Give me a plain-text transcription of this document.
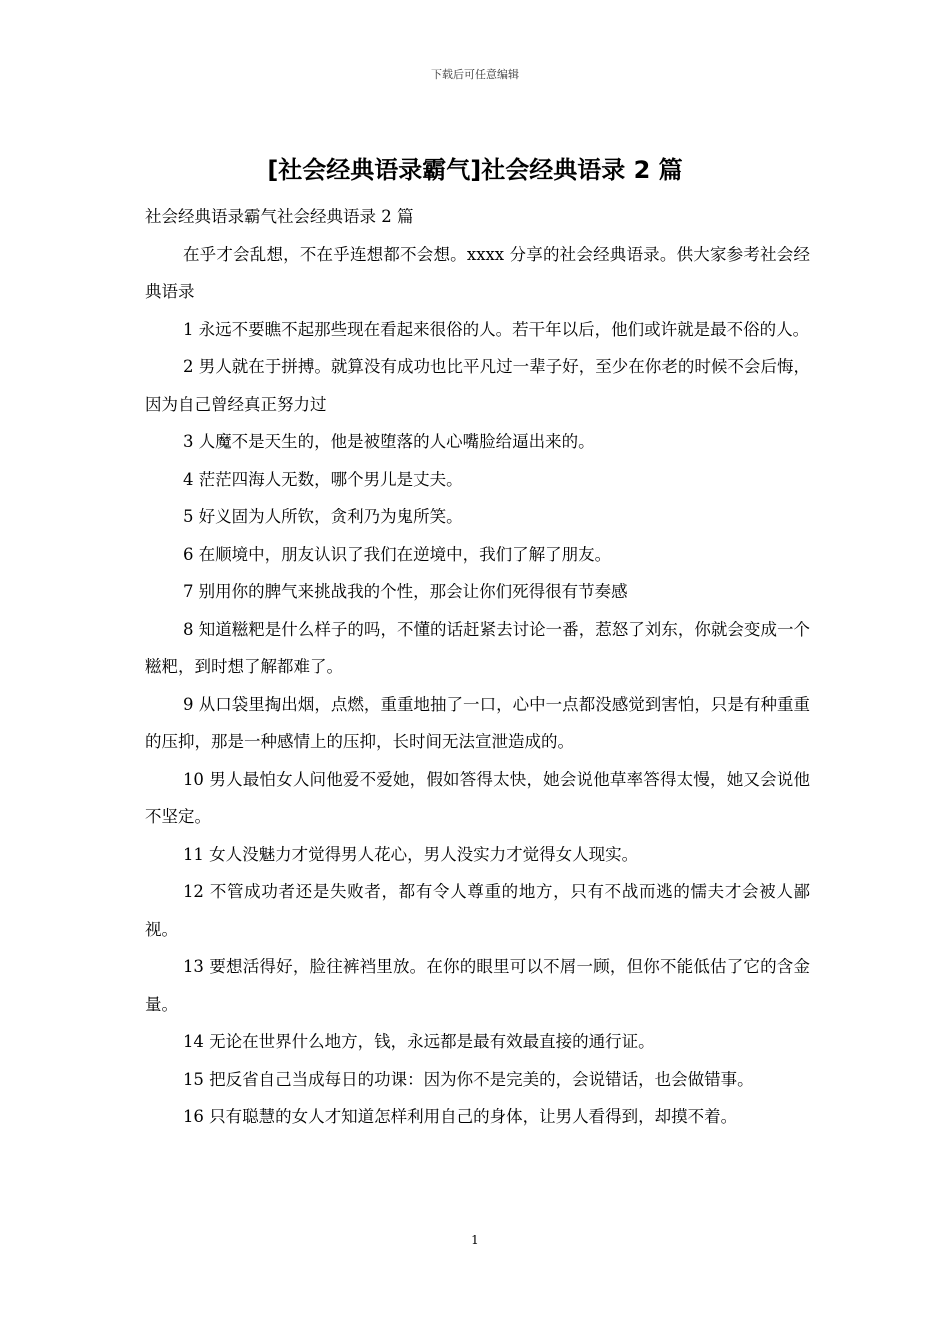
下载后可任意编辑
[社会经典语录霸气]社会经典语录 2 篇

社会经典语录霸气社会经典语录 2 篇

在乎才会乱想，不在乎连想都不会想。xxxx 分享的社会经典语录。供大家参考社会经典语录

1 永远不要瞧不起那些现在看起来很俗的人。若干年以后，他们或许就是最不俗的人。

2 男人就在于拼搏。就算没有成功也比平凡过一辈子好，至少在你老的时候不会后悔，因为自己曾经真正努力过

3 人魔不是天生的，他是被堕落的人心嘴脸给逼出来的。

4 茫茫四海人无数，哪个男儿是丈夫。

5 好义固为人所钦，贪利乃为鬼所笑。

6 在顺境中，朋友认识了我们在逆境中，我们了解了朋友。

7 别用你的脾气来挑战我的个性，那会让你们死得很有节奏感

8 知道糍粑是什么样子的吗，不懂的话赶紧去讨论一番，惹怒了刘东，你就会变成一个糍粑，到时想了解都难了。

9 从口袋里掏出烟，点燃，重重地抽了一口，心中一点都没感觉到害怕，只是有种重重的压抑，那是一种感情上的压抑，长时间无法宣泄造成的。

10 男人最怕女人问他爱不爱她，假如答得太快，她会说他草率答得太慢，她又会说他不坚定。

11 女人没魅力才觉得男人花心，男人没实力才觉得女人现实。

12 不管成功者还是失败者，都有令人尊重的地方，只有不战而逃的懦夫才会被人鄙视。

13 要想活得好，脸往裤裆里放。在你的眼里可以不屑一顾，但你不能低估了它的含金量。

14 无论在世界什么地方，钱，永远都是最有效最直接的通行证。

15 把反省自己当成每日的功课：因为你不是完美的，会说错话，也会做错事。

16 只有聪慧的女人才知道怎样利用自己的身体，让男人看得到，却摸不着。

1
